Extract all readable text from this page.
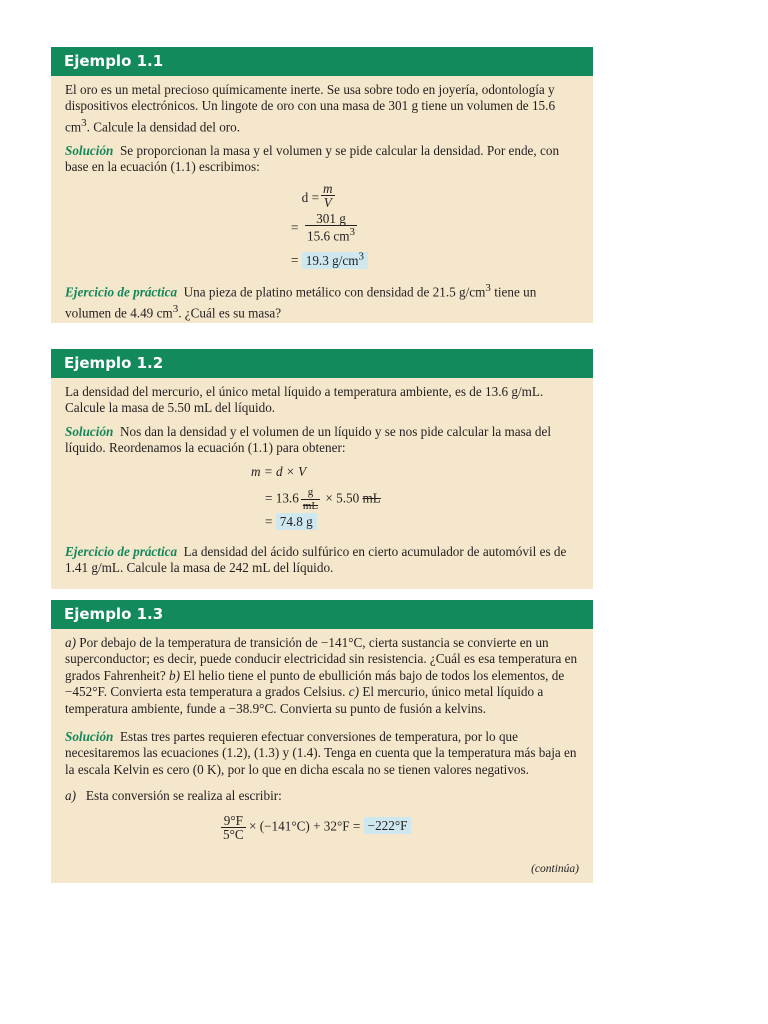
Ejemplo 1.1

El oro es un metal precioso químicamente inerte. Se usa sobre todo en joyería, odontología y dispositivos electrónicos. Un lingote de oro con una masa de 301 g tiene un volumen de 15.6 $cm^3$. Calcule la densidad del oro.

Solución Se proporcionan la masa y el volumen y se pide calcular la densidad. Por ende, con base en la ecuación (1.1) escribimos:

$d = \frac{m}{V}$
= $\frac{301 g}{15.6 cm^3}$
= 19.3 $g/cm^3$

Ejercicio de práctica Una pieza de platino metálico con densidad de 21.5 $g/cm^3$ tiene un volumen de 4.49 $cm^3$. ¿Cuál es su masa?

Ejemplo 1.2

La densidad del mercurio, el único metal líquido a temperatura ambiente, es de 13.6 g/mL. Calcule la masa de 5.50 mL del líquido.

Solución Nos dan la densidad y el volumen de un líquido y se nos pide calcular la masa del líquido. Reordenamos la ecuación (1.1) para obtener:

m = d × V
= $13.6 \frac{g}{mL} \times 5.50$ mL
= 74.8 g

Ejercicio de práctica La densidad del ácido sulfúrico en cierto acumulador de automóvil es de 1.41 g/mL. Calcule la masa de 242 mL del líquido.

Ejemplo 1.3

a) Por debajo de la temperatura de transición de −141°C, cierta sustancia se convierte en un superconductor; es decir, puede conducir electricidad sin resistencia. ¿Cuál es esa temperatura en grados Fahrenheit? b) El helio tiene el punto de ebullición más bajo de todos los elementos, de −452°F. Convierta esta temperatura a grados Celsius. c) El mercurio, único metal líquido a temperatura ambiente, funde a −38.9°C. Convierta su punto de fusión a kelvins.

Solución Estas tres partes requieren efectuar conversiones de temperatura, por lo que necesitaremos las ecuaciones (1.2), (1.3) y (1.4). Tenga en cuenta que la temperatura más baja en la escala Kelvin es cero (0 K), por lo que en dicha escala no se tienen valores negativos.

a) Esta conversión se realiza al escribir:

$\frac{9^\circ F}{5^\circ C} \times (-141^\circ C) + 32^\circ F = -222^\circ F$
(continúa)
